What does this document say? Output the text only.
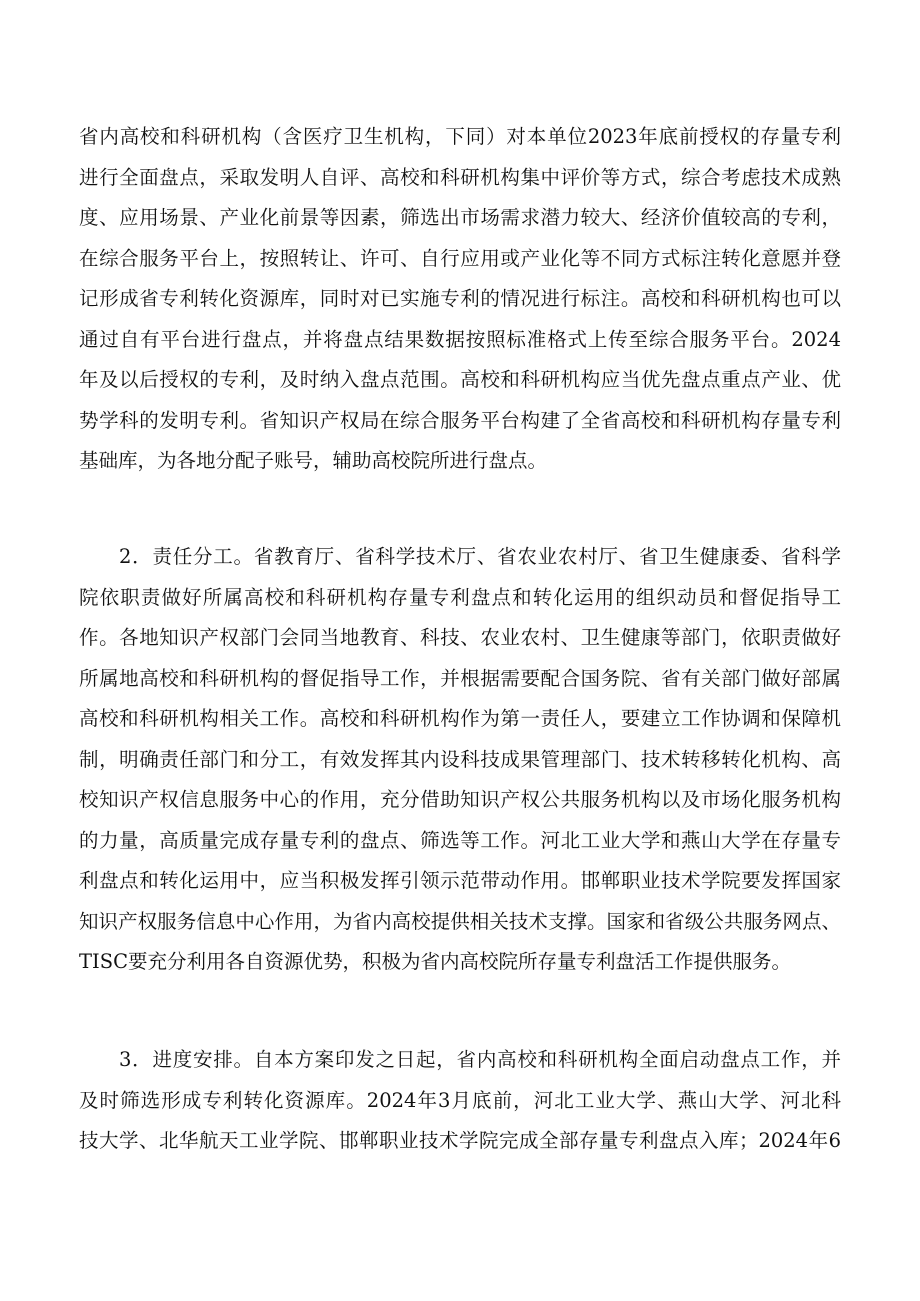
省内高校和科研机构（含医疗卫生机构，下同）对本单位2023年底前授权的存量专利
进行全面盘点，采取发明人自评、高校和科研机构集中评价等方式，综合考虑技术成熟
度、应用场景、产业化前景等因素，筛选出市场需求潜力较大、经济价值较高的专利，
在综合服务平台上，按照转让、许可、自行应用或产业化等不同方式标注转化意愿并登
记形成省专利转化资源库，同时对已实施专利的情况进行标注。高校和科研机构也可以
通过自有平台进行盘点，并将盘点结果数据按照标准格式上传至综合服务平台。2024
年及以后授权的专利，及时纳入盘点范围。高校和科研机构应当优先盘点重点产业、优
势学科的发明专利。省知识产权局在综合服务平台构建了全省高校和科研机构存量专利
基础库，为各地分配子账号，辅助高校院所进行盘点。
2．责任分工。省教育厅、省科学技术厅、省农业农村厅、省卫生健康委、省科学
院依职责做好所属高校和科研机构存量专利盘点和转化运用的组织动员和督促指导工
作。各地知识产权部门会同当地教育、科技、农业农村、卫生健康等部门，依职责做好
所属地高校和科研机构的督促指导工作，并根据需要配合国务院、省有关部门做好部属
高校和科研机构相关工作。高校和科研机构作为第一责任人，要建立工作协调和保障机
制，明确责任部门和分工，有效发挥其内设科技成果管理部门、技术转移转化机构、高
校知识产权信息服务中心的作用，充分借助知识产权公共服务机构以及市场化服务机构
的力量，高质量完成存量专利的盘点、筛选等工作。河北工业大学和燕山大学在存量专
利盘点和转化运用中，应当积极发挥引领示范带动作用。邯郸职业技术学院要发挥国家
知识产权服务信息中心作用，为省内高校提供相关技术支撑。国家和省级公共服务网点、
TISC要充分利用各自资源优势，积极为省内高校院所存量专利盘活工作提供服务。
3．进度安排。自本方案印发之日起，省内高校和科研机构全面启动盘点工作，并
及时筛选形成专利转化资源库。2024年3月底前，河北工业大学、燕山大学、河北科
技大学、北华航天工业学院、邯郸职业技术学院完成全部存量专利盘点入库；2024年6
